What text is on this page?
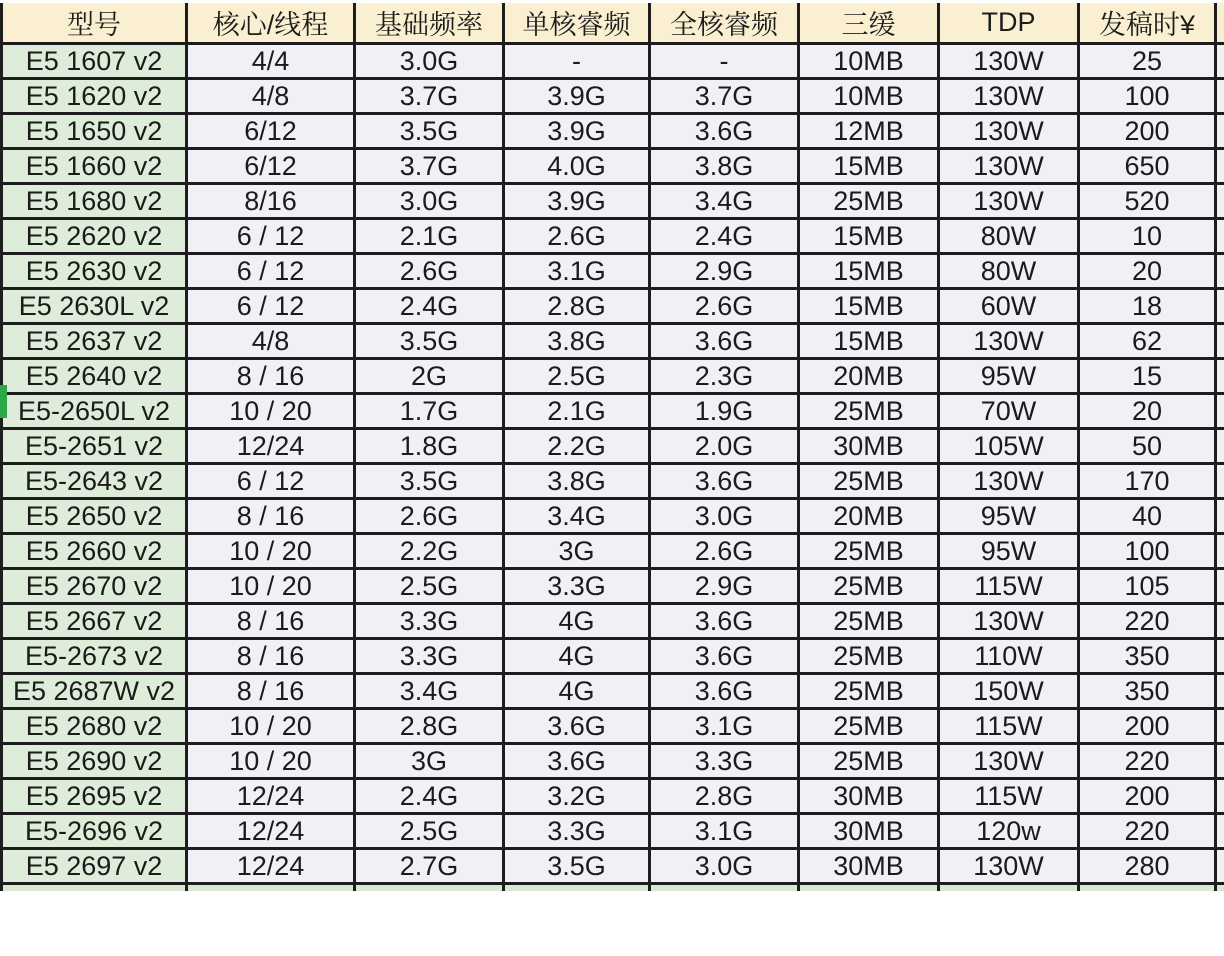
型号	核心/线程	基础频率	单核睿频	全核睿频	三缓	TDP	发稿时¥	
E5 1607 v2	4/4	3.0G	-	-	10MB	130W	25	
E5 1620 v2	4/8	3.7G	3.9G	3.7G	10MB	130W	100	
E5 1650 v2	6/12	3.5G	3.9G	3.6G	12MB	130W	200	
E5 1660 v2	6/12	3.7G	4.0G	3.8G	15MB	130W	650	
E5 1680 v2	8/16	3.0G	3.9G	3.4G	25MB	130W	520	
E5 2620 v2	6 / 12	2.1G	2.6G	2.4G	15MB	80W	10	
E5 2630 v2	6 / 12	2.6G	3.1G	2.9G	15MB	80W	20	
E5 2630L v2	6 / 12	2.4G	2.8G	2.6G	15MB	60W	18	
E5 2637 v2	4/8	3.5G	3.8G	3.6G	15MB	130W	62	
E5 2640 v2	8 / 16	2G	2.5G	2.3G	20MB	95W	15	
E5-2650L v2	10 / 20	1.7G	2.1G	1.9G	25MB	70W	20	
E5-2651 v2	12/24	1.8G	2.2G	2.0G	30MB	105W	50	
E5-2643 v2	6 / 12	3.5G	3.8G	3.6G	25MB	130W	170	
E5 2650 v2	8 / 16	2.6G	3.4G	3.0G	20MB	95W	40	
E5 2660 v2	10 / 20	2.2G	3G	2.6G	25MB	95W	100	
E5 2670 v2	10 / 20	2.5G	3.3G	2.9G	25MB	115W	105	
E5 2667 v2	8 / 16	3.3G	4G	3.6G	25MB	130W	220	
E5-2673 v2	8 / 16	3.3G	4G	3.6G	25MB	110W	350	
E5 2687W v2	8 / 16	3.4G	4G	3.6G	25MB	150W	350	
E5 2680 v2	10 / 20	2.8G	3.6G	3.1G	25MB	115W	200	
E5 2690 v2	10 / 20	3G	3.6G	3.3G	25MB	130W	220	
E5 2695 v2	12/24	2.4G	3.2G	2.8G	30MB	115W	200	
E5-2696 v2	12/24	2.5G	3.3G	3.1G	30MB	120w	220	
E5 2697 v2	12/24	2.7G	3.5G	3.0G	30MB	130W	280	
